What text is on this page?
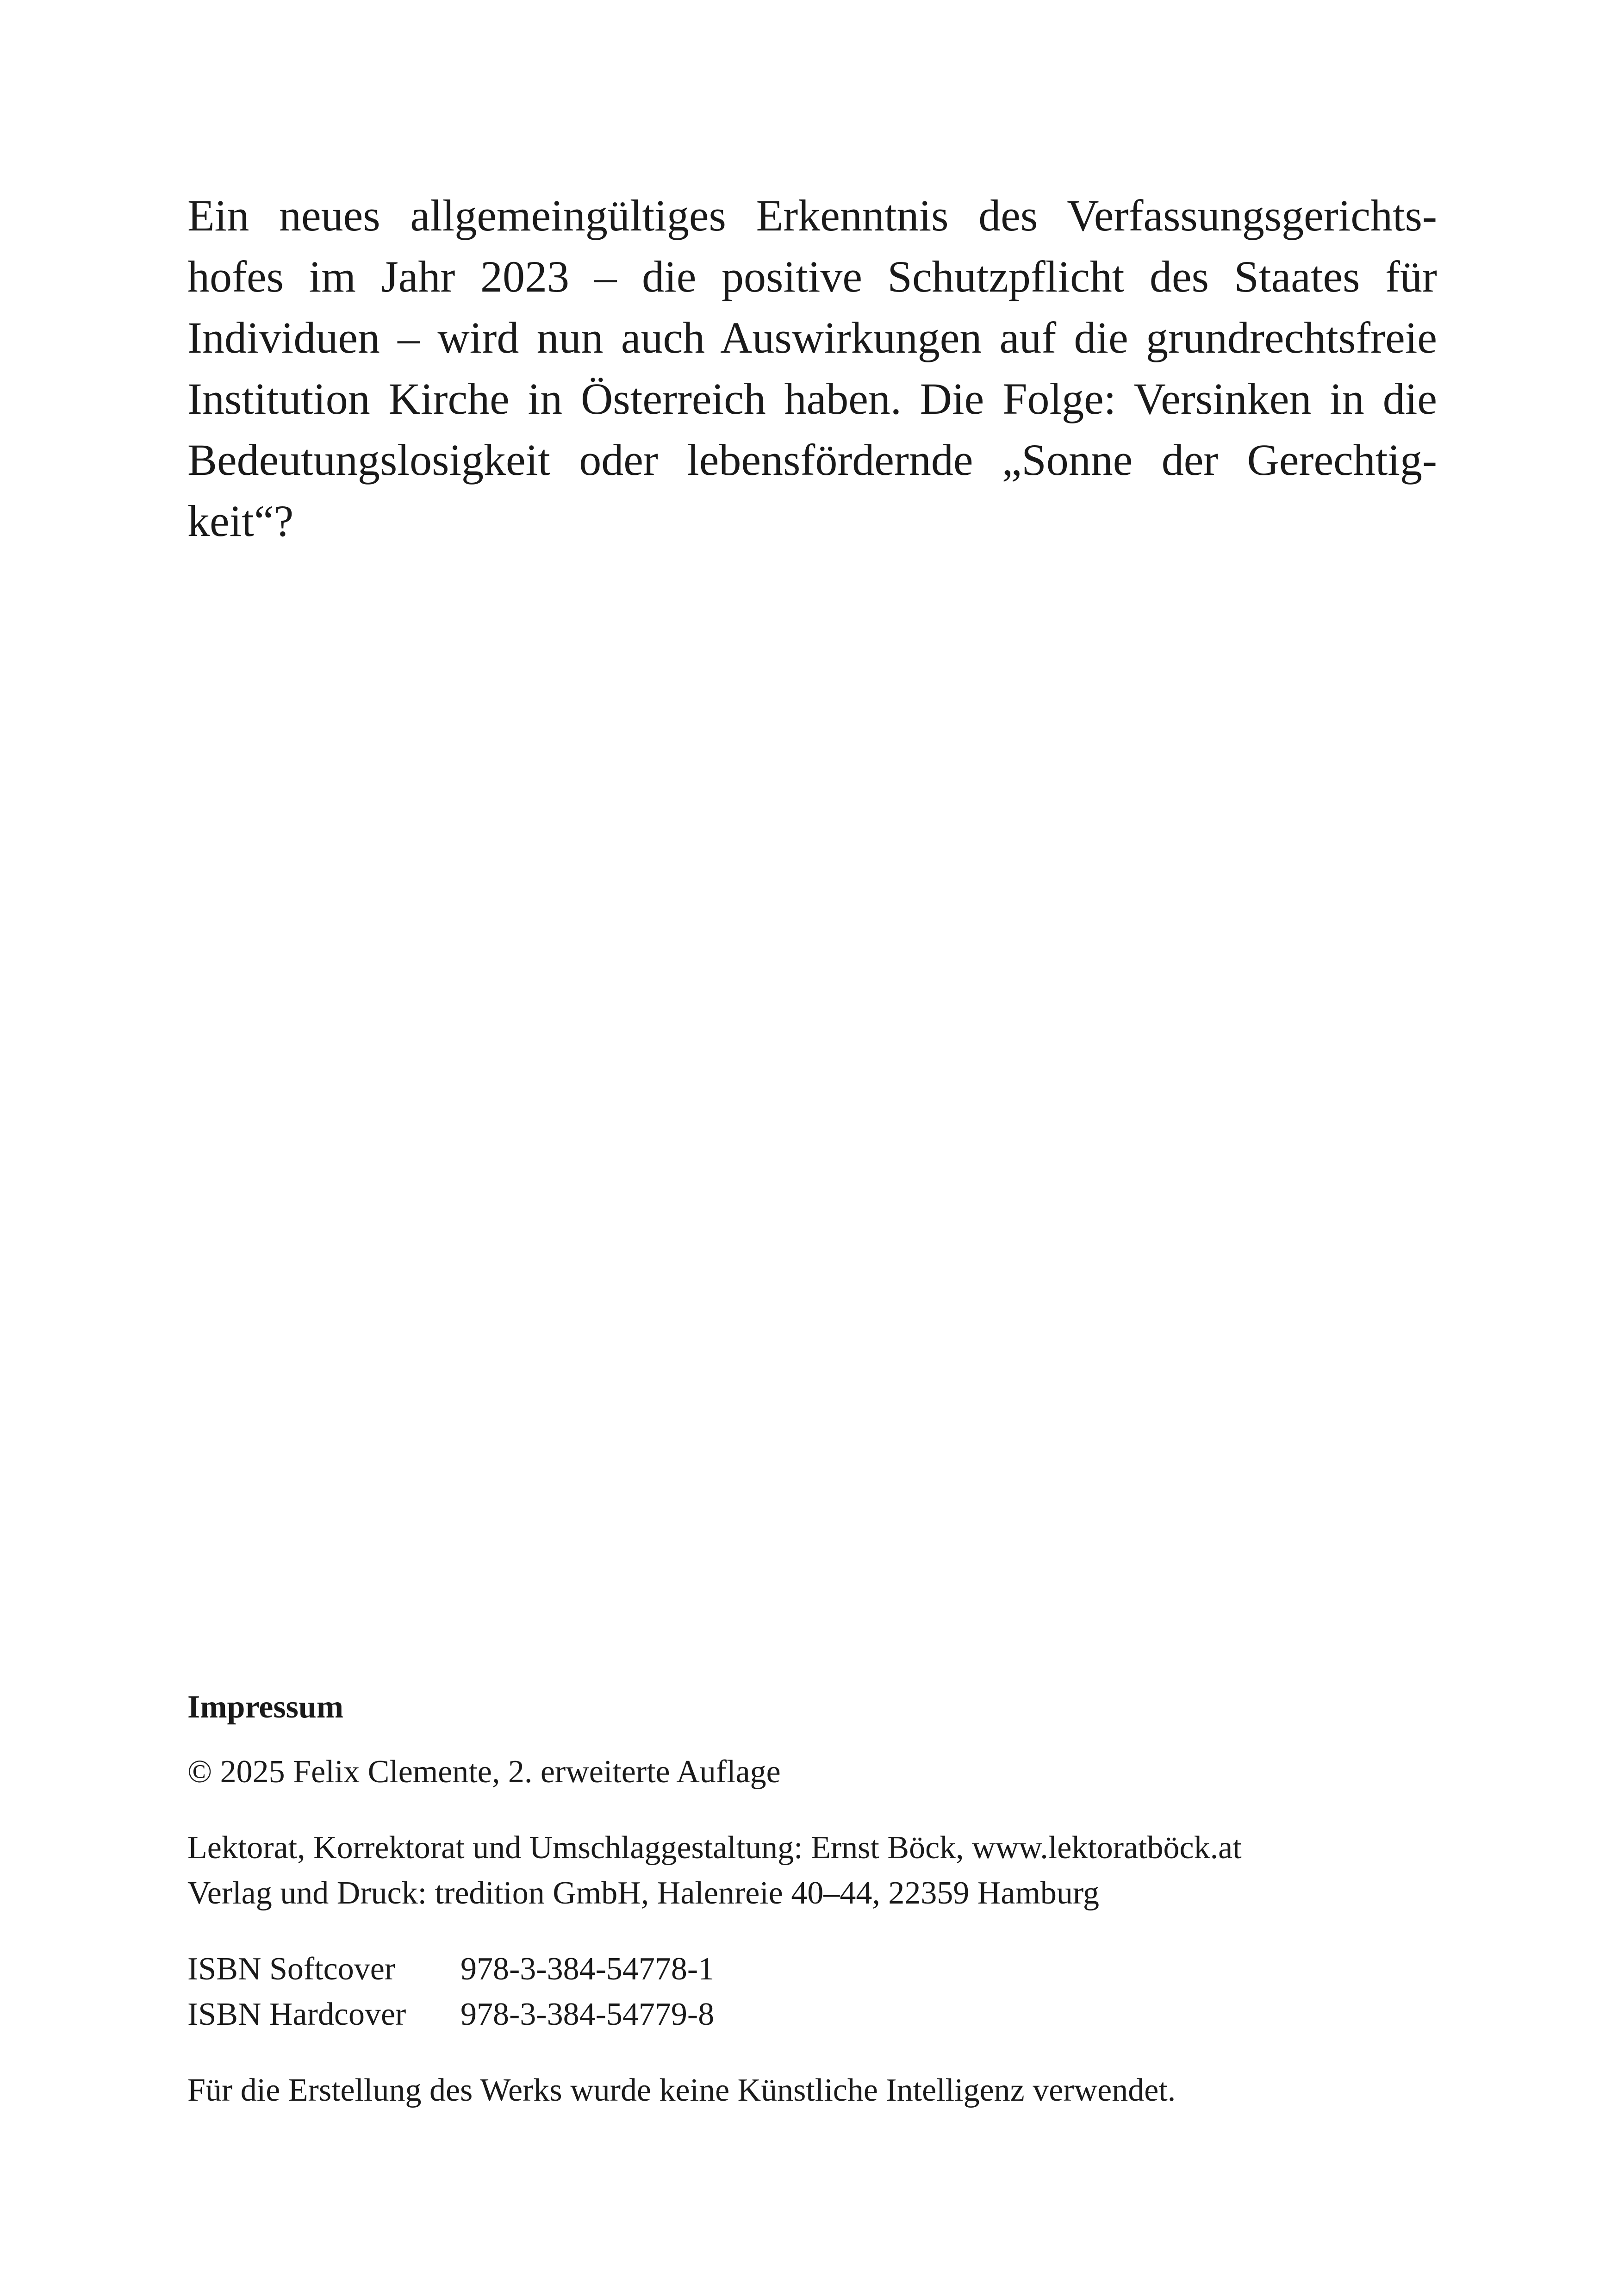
Ein neues allgemeingültiges Erkenntnis des Verfassungsgerichts-
hofes im Jahr 2023 – die positive Schutzpflicht des Staates für
Individuen – wird nun auch Auswirkungen auf die grundrechtsfreie
Institution Kirche in Österreich haben. Die Folge: Versinken in die
Bedeutungslosigkeit oder lebensfördernde „Sonne der Gerechtig-
keit“?
Impressum
© 2025 Felix Clemente, 2. erweiterte Auflage
Lektorat, Korrektorat und Umschlaggestaltung: Ernst Böck, www.lektoratböck.at
Verlag und Druck: tredition GmbH, Halenreie 40–44, 22359 Hamburg
ISBN Softcover	978-3-384-54778-1
ISBN Hardcover	978-3-384-54779-8
Für die Erstellung des Werks wurde keine Künstliche Intelligenz verwendet.
